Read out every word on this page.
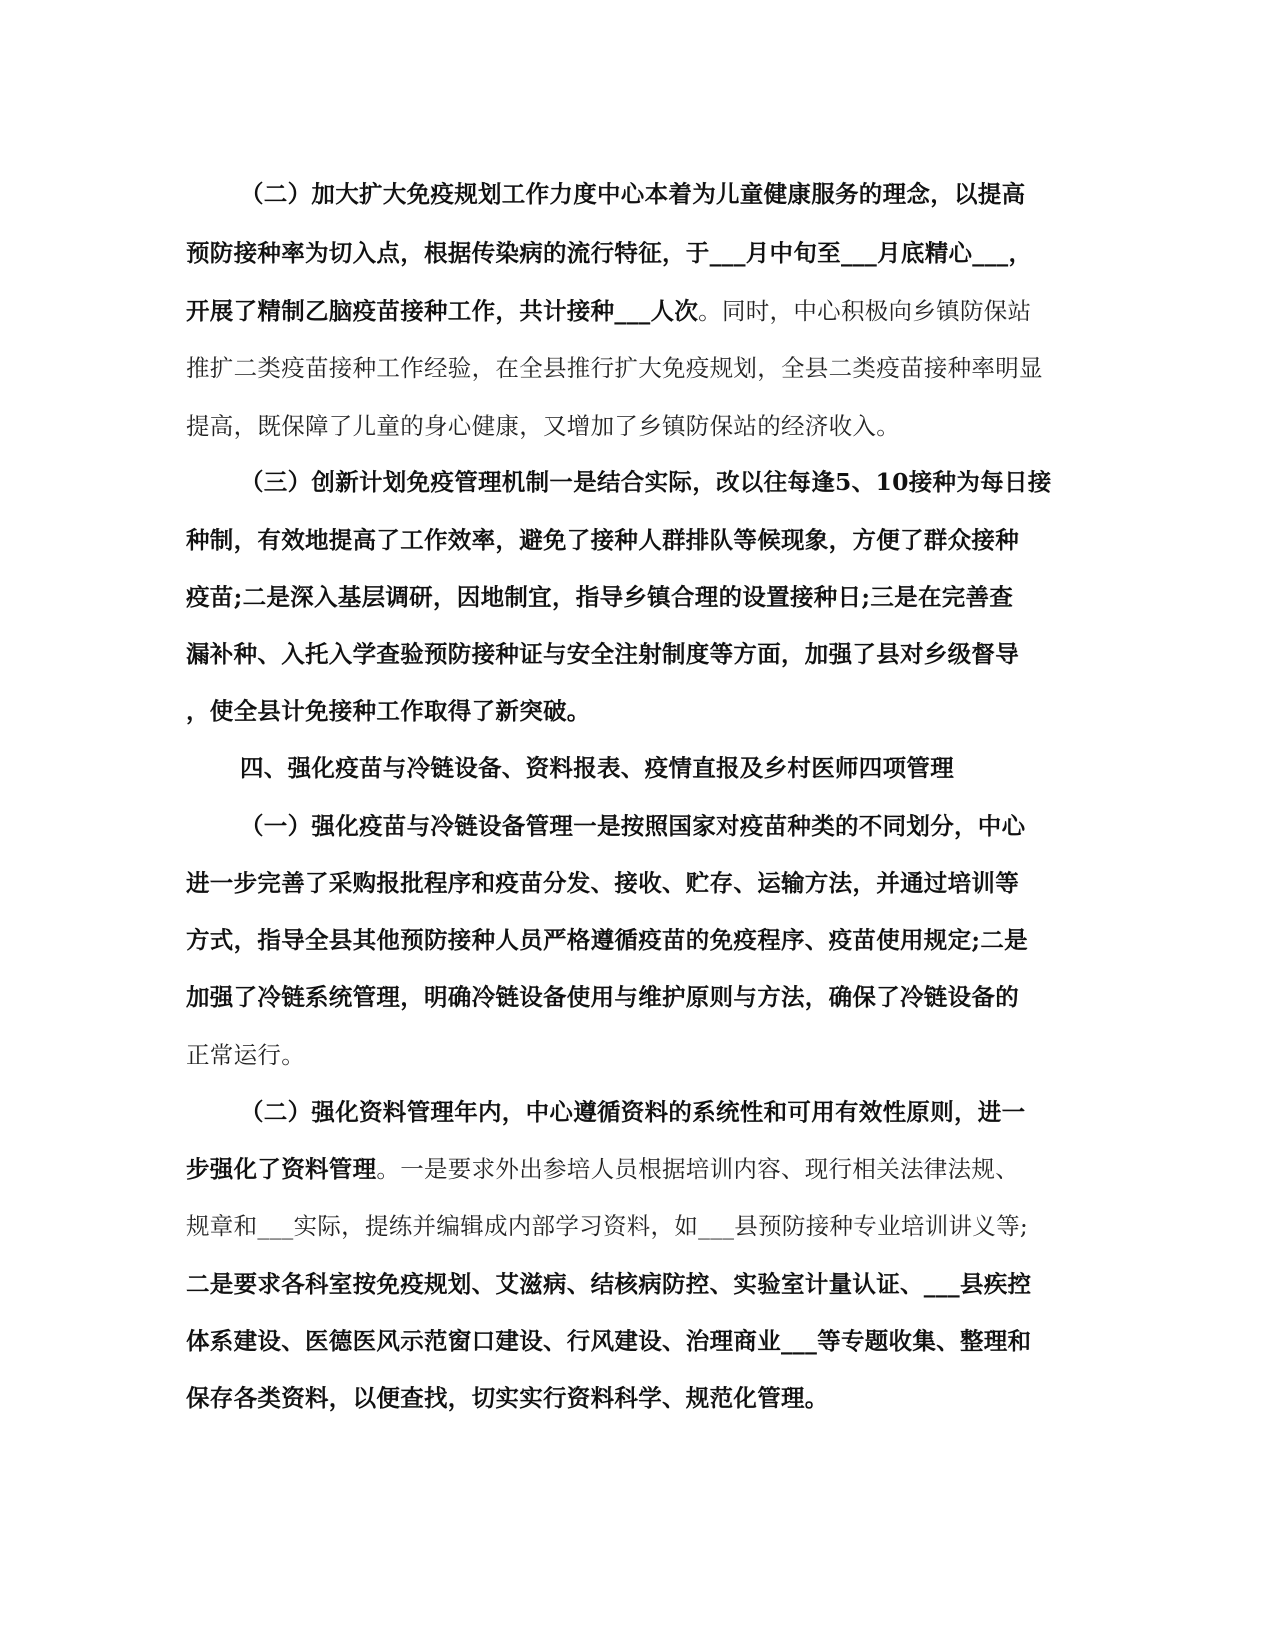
（二）加大扩大免疫规划工作力度中心本着为儿童健康服务的理念，以提高
预防接种率为切入点，根据传染病的流行特征，于___月中旬至___月底精心___，
开展了精制乙脑疫苗接种工作，共计接种___人次。同时，中心积极向乡镇防保站
推扩二类疫苗接种工作经验，在全县推行扩大免疫规划，全县二类疫苗接种率明显
提高，既保障了儿童的身心健康，又增加了乡镇防保站的经济收入。
（三）创新计划免疫管理机制一是结合实际，改以往每逢5、10接种为每日接
种制，有效地提高了工作效率，避免了接种人群排队等候现象，方便了群众接种
疫苗;二是深入基层调研，因地制宜，指导乡镇合理的设置接种日;三是在完善查
漏补种、入托入学查验预防接种证与安全注射制度等方面，加强了县对乡级督导
，使全县计免接种工作取得了新突破。
四、强化疫苗与冷链设备、资料报表、疫情直报及乡村医师四项管理
（一）强化疫苗与冷链设备管理一是按照国家对疫苗种类的不同划分，中心
进一步完善了采购报批程序和疫苗分发、接收、贮存、运输方法，并通过培训等
方式，指导全县其他预防接种人员严格遵循疫苗的免疫程序、疫苗使用规定;二是
加强了冷链系统管理，明确冷链设备使用与维护原则与方法，确保了冷链设备的
正常运行。
（二）强化资料管理年内，中心遵循资料的系统性和可用有效性原则，进一
步强化了资料管理。一是要求外出参培人员根据培训内容、现行相关法律法规、
规章和___实际，提练并编辑成内部学习资料，如___县预防接种专业培训讲义等;
二是要求各科室按免疫规划、艾滋病、结核病防控、实验室计量认证、___县疾控
体系建设、医德医风示范窗口建设、行风建设、治理商业___等专题收集、整理和
保存各类资料，以便查找，切实实行资料科学、规范化管理。
